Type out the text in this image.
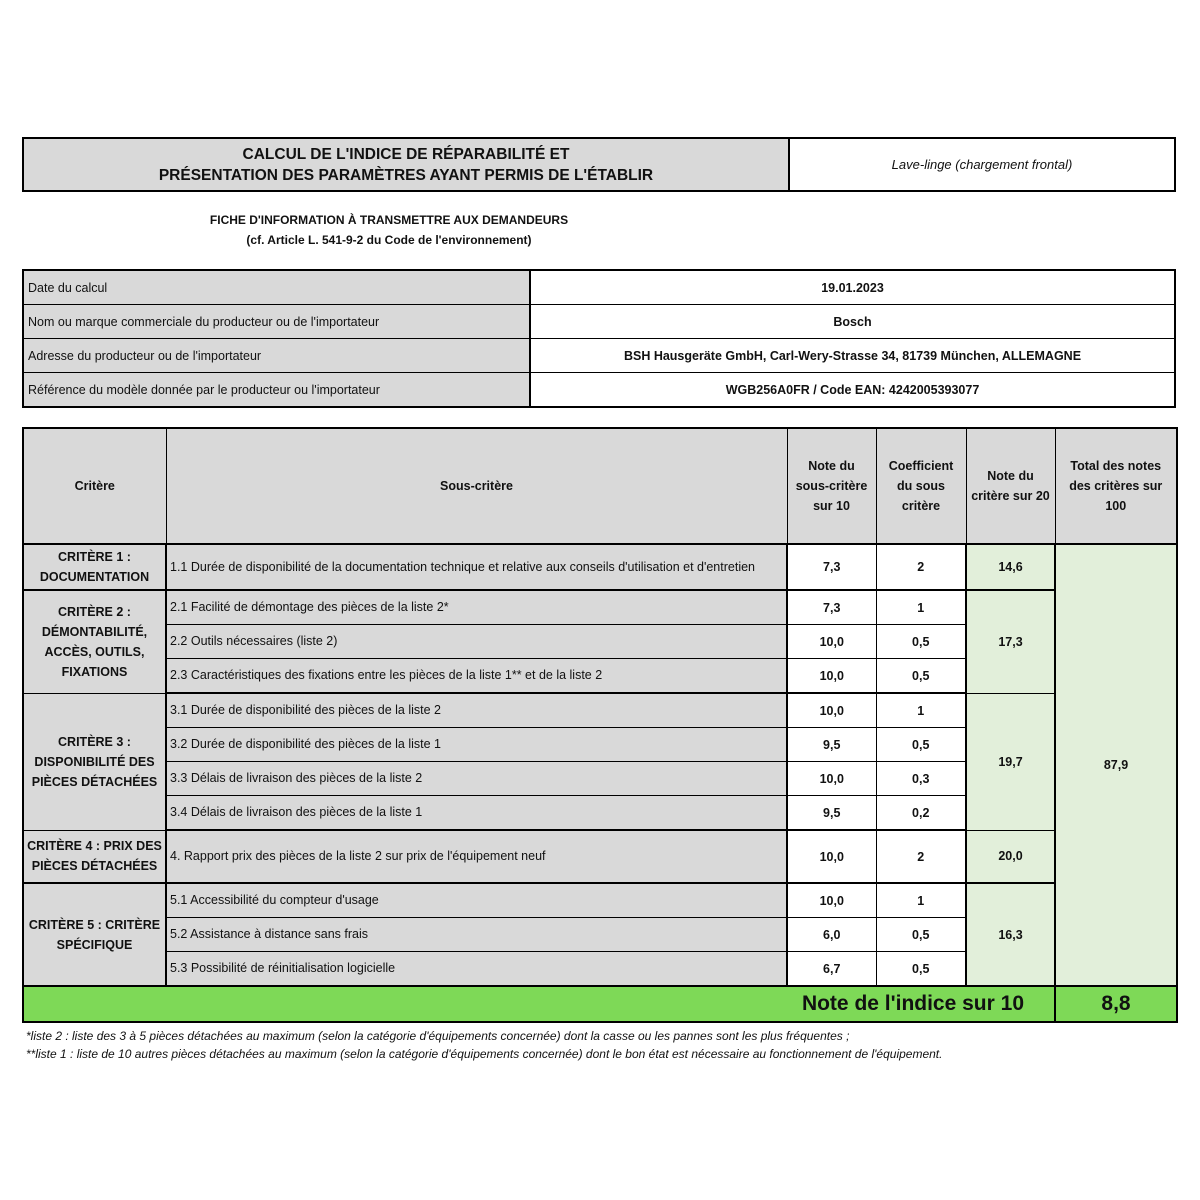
CALCUL DE L'INDICE DE RÉPARABILITÉ ET
PRÉSENTATION DES PARAMÈTRES AYANT PERMIS DE L'ÉTABLIR
Lave-linge (chargement frontal)
FICHE D'INFORMATION À TRANSMETTRE AUX DEMANDEURS
(cf. Article L. 541-9-2 du Code de l'environnement)
Date du calcul	19.01.2023
Nom ou marque commerciale du producteur ou de l'importateur	Bosch
Adresse du producteur ou de l'importateur	BSH Hausgeräte GmbH, Carl-Wery-Strasse 34, 81739 München, ALLEMAGNE
Référence du modèle donnée par le producteur ou l'importateur	WGB256A0FR / Code EAN: 4242005393077
Critère	Sous-critère	Note du sous-critère sur 10	Coefficient du sous critère	Note du critère sur 20	Total des notes des critères sur 100
CRITÈRE 1 : DOCUMENTATION	1.1 Durée de disponibilité de la documentation technique et relative aux conseils d'utilisation et d'entretien	7,3	2	14,6	87,9
CRITÈRE 2 : DÉMONTABILITÉ, ACCÈS, OUTILS, FIXATIONS	2.1 Facilité de démontage des pièces de la liste 2*	7,3	1	17,3	
	2.2 Outils nécessaires (liste 2)	10,0	0,5		
	2.3 Caractéristiques des fixations entre les pièces de la liste 1** et de la liste 2	10,0	0,5		
CRITÈRE 3 : DISPONIBILITÉ DES PIÈCES DÉTACHÉES	3.1 Durée de disponibilité des pièces de la liste 2	10,0	1	19,7	
	3.2 Durée de disponibilité des pièces de la liste 1	9,5	0,5		
	3.3 Délais de livraison des pièces de la liste 2	10,0	0,3		
	3.4 Délais de livraison des pièces de la liste 1	9,5	0,2		
CRITÈRE 4 : PRIX DES PIÈCES DÉTACHÉES	4. Rapport prix des pièces de la liste 2 sur prix de l'équipement neuf	10,0	2	20,0	
CRITÈRE 5 : CRITÈRE SPÉCIFIQUE	5.1 Accessibilité du compteur d'usage	10,0	1	16,3	
	5.2 Assistance à distance sans frais	6,0	0,5		
	5.3 Possibilité de réinitialisation logicielle	6,7	0,5		
Note de l'indice sur 10					8,8
*liste 2 : liste des 3 à 5 pièces détachées au maximum (selon la catégorie d'équipements concernée) dont la casse ou les pannes sont les plus fréquentes ;
**liste 1 : liste de 10 autres pièces détachées au maximum (selon la catégorie d'équipements concernée) dont le bon état est nécessaire au fonctionnement de l'équipement.
